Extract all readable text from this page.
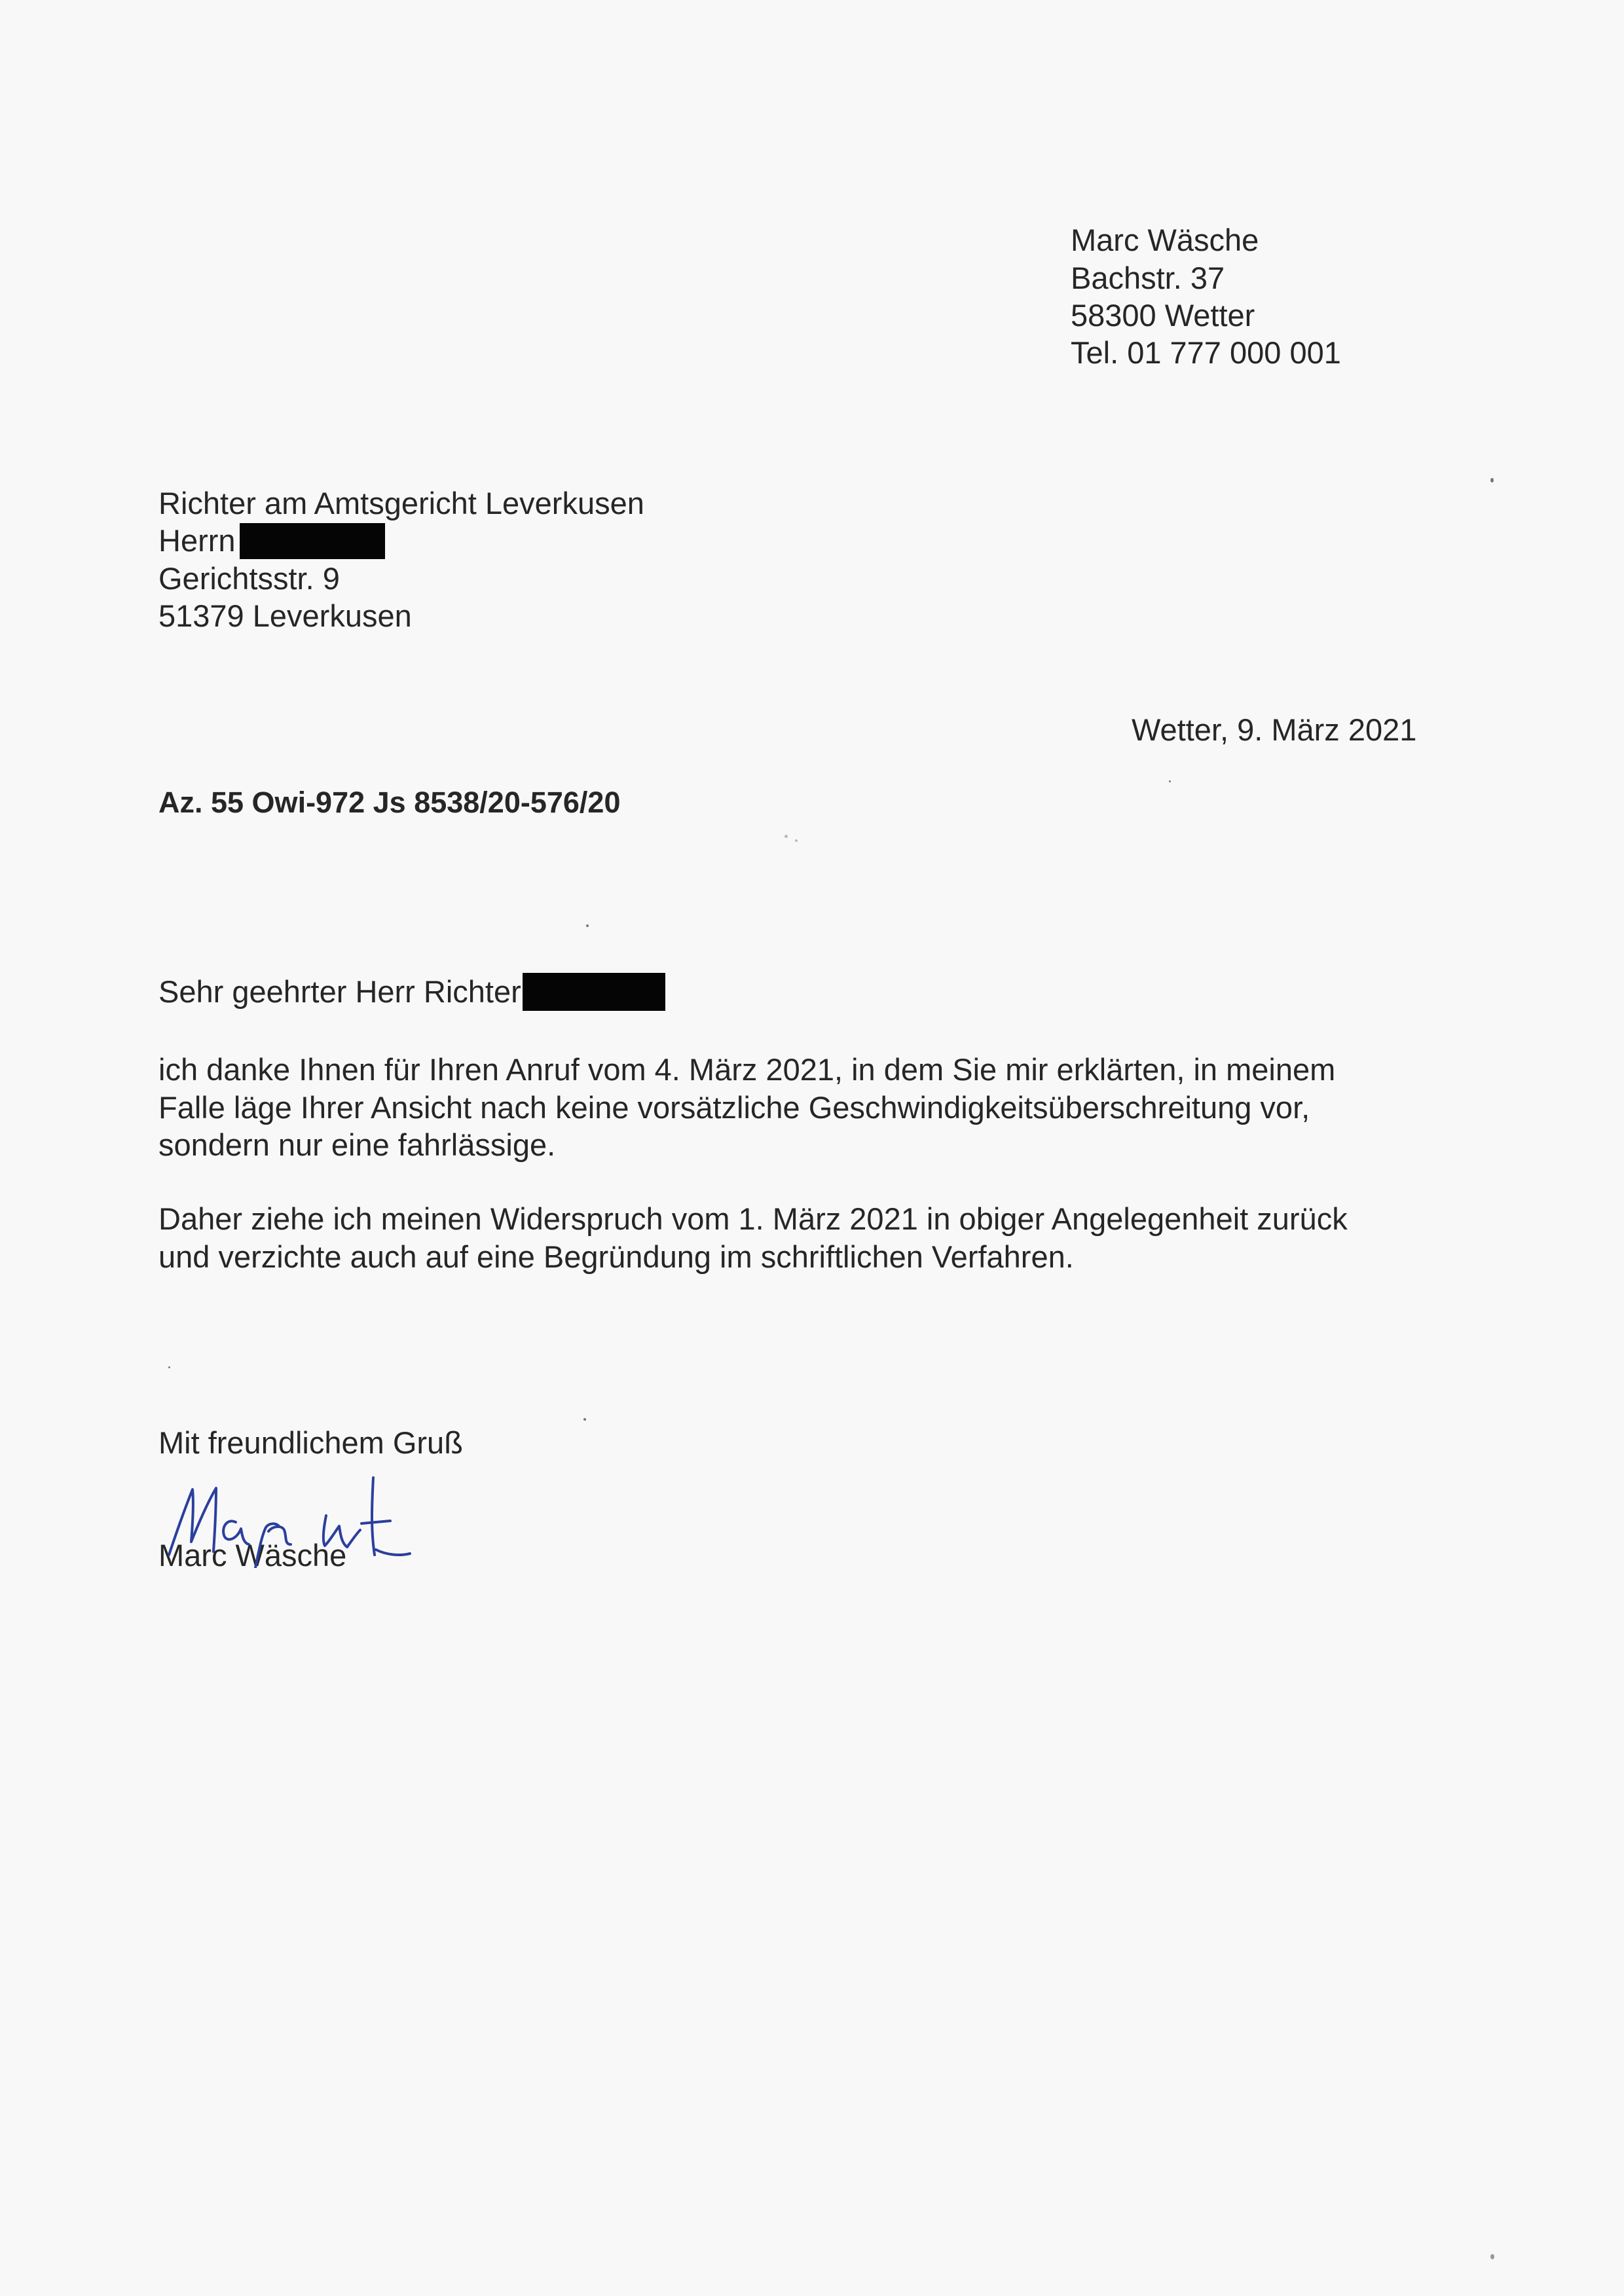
Marc Wäsche
Bachstr. 37
58300 Wetter
Tel. 01 777 000 001
Richter am Amtsgericht Leverkusen
Herrn
Gerichtsstr. 9
51379 Leverkusen
Wetter, 9. März 2021
Az. 55 Owi-972 Js 8538/20-576/20
Sehr geehrter Herr Richter
ich danke Ihnen für Ihren Anruf vom 4. März 2021, in dem Sie mir erklärten, in meinem
Falle läge Ihrer Ansicht nach keine vorsätzliche Geschwindigkeitsüberschreitung vor,
sondern nur eine fahrlässige.
Daher ziehe ich meinen Widerspruch vom 1. März 2021 in obiger Angelegenheit zurück
und verzichte auch auf eine Begründung im schriftlichen Verfahren.
Mit freundlichem Gruß
Marc Wäsche
